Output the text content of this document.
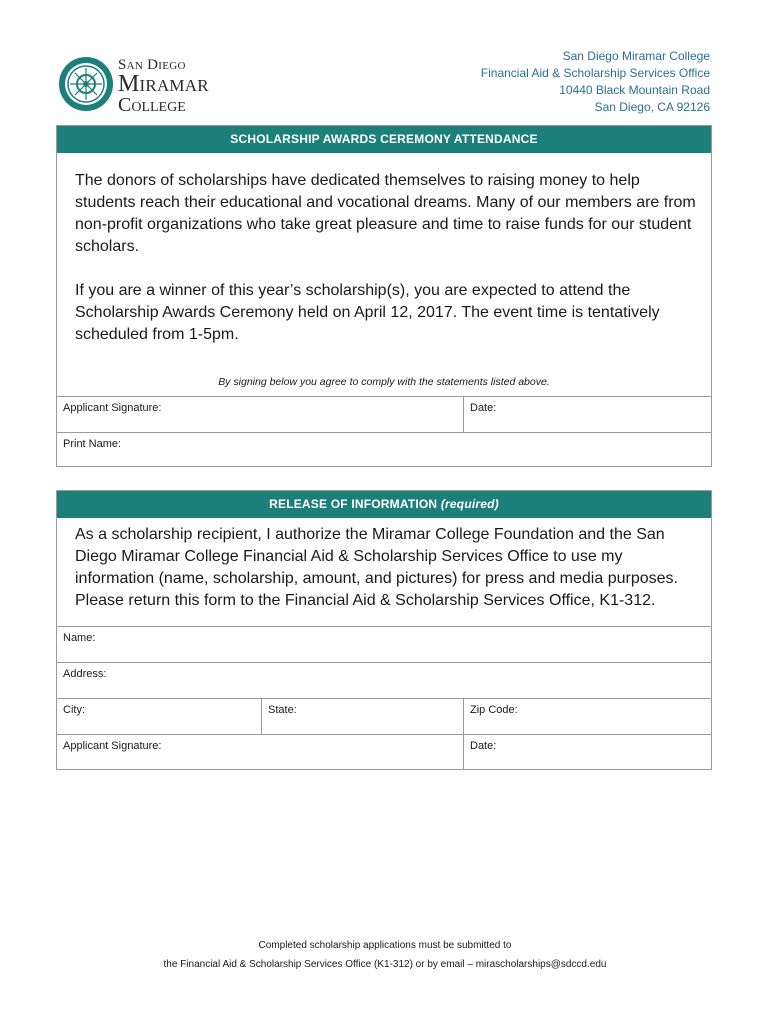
San Diego
Miramar
College
San Diego Miramar College
Financial Aid & Scholarship Services Office
10440 Black Mountain Road
San Diego, CA 92126
SCHOLARSHIP AWARDS CEREMONY ATTENDANCE

The donors of scholarships have dedicated themselves to raising money to help students reach their educational and vocational dreams. Many of our members are from non-profit organizations who take great pleasure and time to raise funds for our student scholars.

If you are a winner of this year’s scholarship(s), you are expected to attend the Scholarship Awards Ceremony held on April 12, 2017. The event time is tentatively scheduled from 1-5pm.

By signing below you agree to comply with the statements listed above.
Applicant Signature:	Date:
Print Name:
RELEASE OF INFORMATION (required)

As a scholarship recipient, I authorize the Miramar College Foundation and the San Diego Miramar College Financial Aid & Scholarship Services Office to use my information (name, scholarship, amount, and pictures) for press and media purposes. Please return this form to the Financial Aid & Scholarship Services Office, K1-312.

Name:
Address:
City:	State:	Zip Code:
Applicant Signature:	Date:
Completed scholarship applications must be submitted to
the Financial Aid & Scholarship Services Office (K1-312) or by email – mirascholarships@sdccd.edu
